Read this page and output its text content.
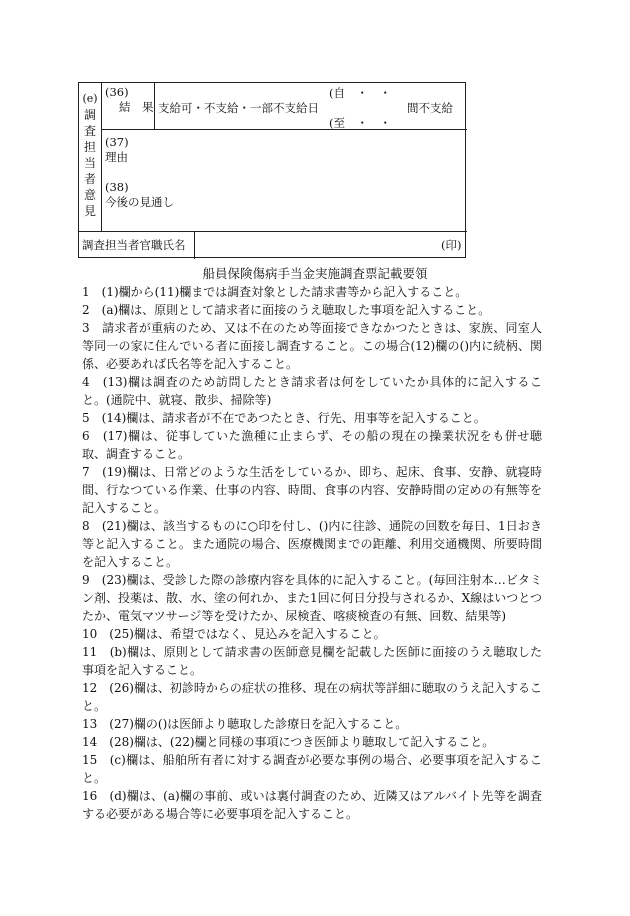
(e)
調
査
担
当
者
意
見
(36)
結　果 支給可・不支給・一部不支給日
(自　・　・
(至　・　・
間不支給
(37)
理由
(38)
今後の見通し
調査担当者官職氏名	(印)
船員保険傷病手当金実施調査票記載要領

1　(1)欄から(11)欄までは調査対象とした請求書等から記入すること。

2　(a)欄は、原則として請求者に面接のうえ聴取した事項を記入すること。

3　請求者が重病のため、又は不在のため等面接できなかつたときは、家族、同室人等同一の家に住んでいる者に面接し調査すること。この場合(12)欄の()内に続柄、関係、必要あれば氏名等を記入すること。

4　(13)欄は調査のため訪問したとき請求者は何をしていたか具体的に記入すること。(通院中、就寝、散歩、掃除等)

5　(14)欄は、請求者が不在であつたとき、行先、用事等を記入すること。

6　(17)欄は、従事していた漁種に止まらず、その船の現在の操業状況をも併せ聴取、調査すること。

7　(19)欄は、日常どのような生活をしているか、即ち、起床、食事、安静、就寝時間、行なつている作業、仕事の内容、時間、食事の内容、安静時間の定めの有無等を記入すること。

8　(21)欄は、該当するものに○印を付し、()内に往診、通院の回数を毎日、1日おき等と記入すること。また通院の場合、医療機関までの距離、利用交通機関、所要時間を記入すること。

9　(23)欄は、受診した際の診療内容を具体的に記入すること。(毎回注射本…ビタミン剤、投薬は、散、水、塗の何れか、また1回に何日分投与されるか、X線はいつとつたか、電気マツサージ等を受けたか、尿検査、喀痰検査の有無、回数、結果等)

10　(25)欄は、希望ではなく、見込みを記入すること。

11　(b)欄は、原則として請求書の医師意見欄を記載した医師に面接のうえ聴取した事項を記入すること。

12　(26)欄は、初診時からの症状の推移、現在の病状等詳細に聴取のうえ記入すること。

13　(27)欄の()は医師より聴取した診療日を記入すること。

14　(28)欄は、(22)欄と同様の事項につき医師より聴取して記入すること。

15　(c)欄は、船舶所有者に対する調査が必要な事例の場合、必要事項を記入すること。

16　(d)欄は、(a)欄の事前、或いは裏付調査のため、近隣又はアルバイト先等を調査する必要がある場合等に必要事項を記入すること。
